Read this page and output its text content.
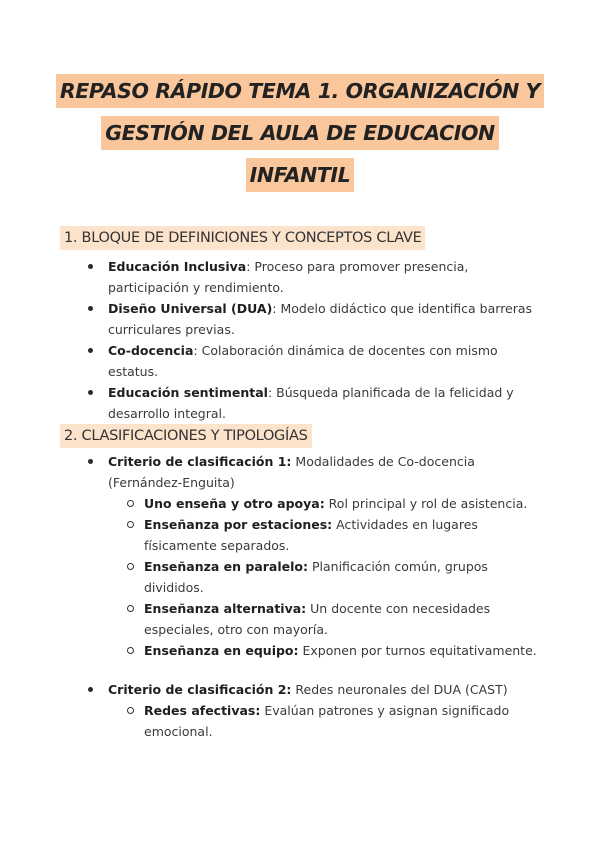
REPASO RÁPIDO TEMA 1. ORGANIZACIÓN Y
GESTIÓN DEL AULA DE EDUCACION
INFANTIL
1. BLOQUE DE DEFINICIONES Y CONCEPTOS CLAVE
Educación Inclusiva: Proceso para promover presencia, participación y rendimiento.
Diseño Universal (DUA): Modelo didáctico que identifica barreras curriculares previas.
Co-docencia: Colaboración dinámica de docentes con mismo estatus.
Educación sentimental: Búsqueda planificada de la felicidad y desarrollo integral.
2. CLASIFICACIONES Y TIPOLOGÍAS
Criterio de clasificación 1: Modalidades de Co-docencia (Fernández-Enguita)
Uno enseña y otro apoya: Rol principal y rol de asistencia.
Enseñanza por estaciones: Actividades en lugares físicamente separados.
Enseñanza en paralelo: Planificación común, grupos divididos.
Enseñanza alternativa: Un docente con necesidades especiales, otro con mayoría.
Enseñanza en equipo: Exponen por turnos equitativamente.
Criterio de clasificación 2: Redes neuronales del DUA (CAST)
Redes afectivas: Evalúan patrones y asignan significado emocional.
